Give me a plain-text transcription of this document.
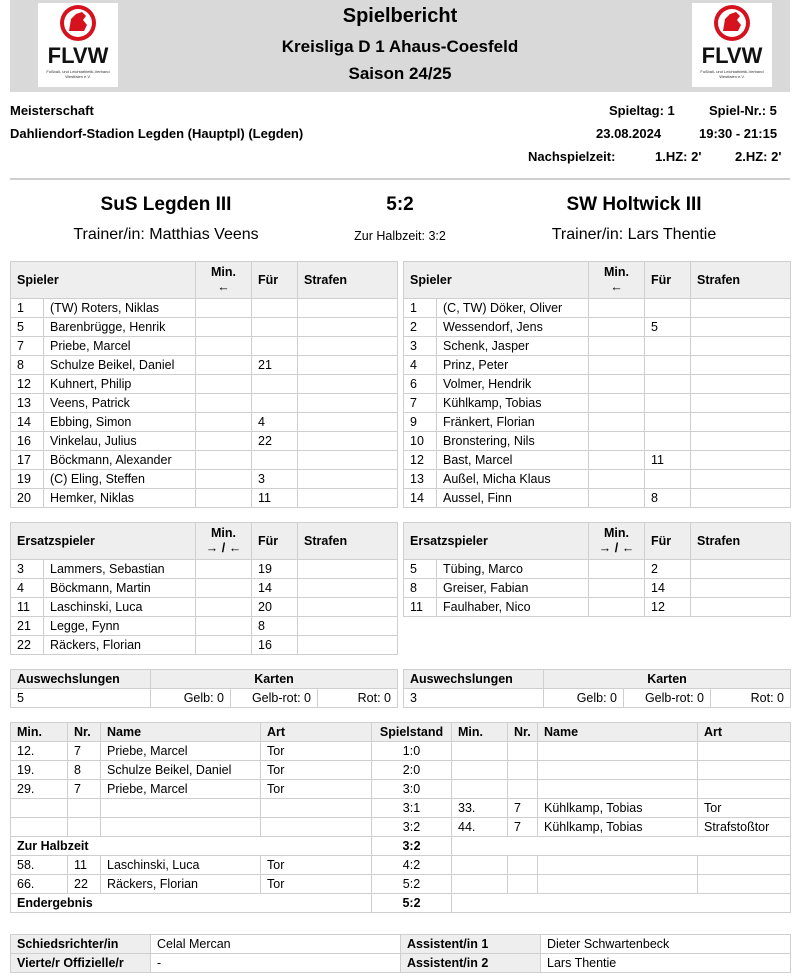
FLVW
Fußball- und Leichtathletik-Verband
Westfalen e.V.
Spielbericht
Kreisliga D 1 Ahaus-Coesfeld
Saison 24/25
FLVW
Fußball- und Leichtathletik-Verband
Westfalen e.V.
Meisterschaft
Dahliendorf-Stadion Legden (Hauptpl) (Legden)
Spieltag: 1	Spiel-Nr.: 5
23.08.2024	19:30 - 21:15
Nachspielzeit:	1.HZ: 2'	2.HZ: 2'
SuS Legden III	5:2	SW Holtwick III
Trainer/in: Matthias Veens	Zur Halbzeit: 3:2	Trainer/in: Lars Thentie
Spieler		Min.
←	Für	Strafen
1	(TW) Roters, Niklas			
5	Barenbrügge, Henrik			
7	Priebe, Marcel			
8	Schulze Beikel, Daniel		21	
12	Kuhnert, Philip			
13	Veens, Patrick			
14	Ebbing, Simon		4	
16	Vinkelau, Julius		22	
17	Böckmann, Alexander			
19	(C) Eling, Steffen		3	
20	Hemker, Niklas		11	
Spieler		Min.
←	Für	Strafen
1	(C, TW) Döker, Oliver			
2	Wessendorf, Jens		5	
3	Schenk, Jasper			
4	Prinz, Peter			
6	Volmer, Hendrik			
7	Kühlkamp, Tobias			
9	Fränkert, Florian			
10	Bronstering, Nils			
12	Bast, Marcel		11	
13	Außel, Micha Klaus			
14	Aussel, Finn		8	
Ersatzspieler		Min.
→ / ←	Für	Strafen
3	Lammers, Sebastian		19	
4	Böckmann, Martin		14	
11	Laschinski, Luca		20	
21	Legge, Fynn		8	
22	Räckers, Florian		16	
Ersatzspieler		Min.
→ / ←	Für	Strafen
5	Tübing, Marco		2	
8	Greiser, Fabian		14	
11	Faulhaber, Nico		12	
Auswechslungen	Karten		
5	Gelb: 0	Gelb-rot: 0	Rot: 0
Auswechslungen	Karten		
3	Gelb: 0	Gelb-rot: 0	Rot: 0
Min.	Nr.	Name	Art	Spielstand	Min.	Nr.	Name	Art
12.	7	Priebe, Marcel	Tor	1:0				
19.	8	Schulze Beikel, Daniel	Tor	2:0				
29.	7	Priebe, Marcel	Tor	3:0				
				3:1	33.	7	Kühlkamp, Tobias	Tor
				3:2	44.	7	Kühlkamp, Tobias	Strafstoßtor
Zur Halbzeit				3:2				
58.	11	Laschinski, Luca	Tor	4:2				
66.	22	Räckers, Florian	Tor	5:2				
Endergebnis				5:2				
Schiedsrichter/in	Celal Mercan	Assistent/in 1	Dieter Schwartenbeck
Vierte/r Offizielle/r	-	Assistent/in 2	Lars Thentie
